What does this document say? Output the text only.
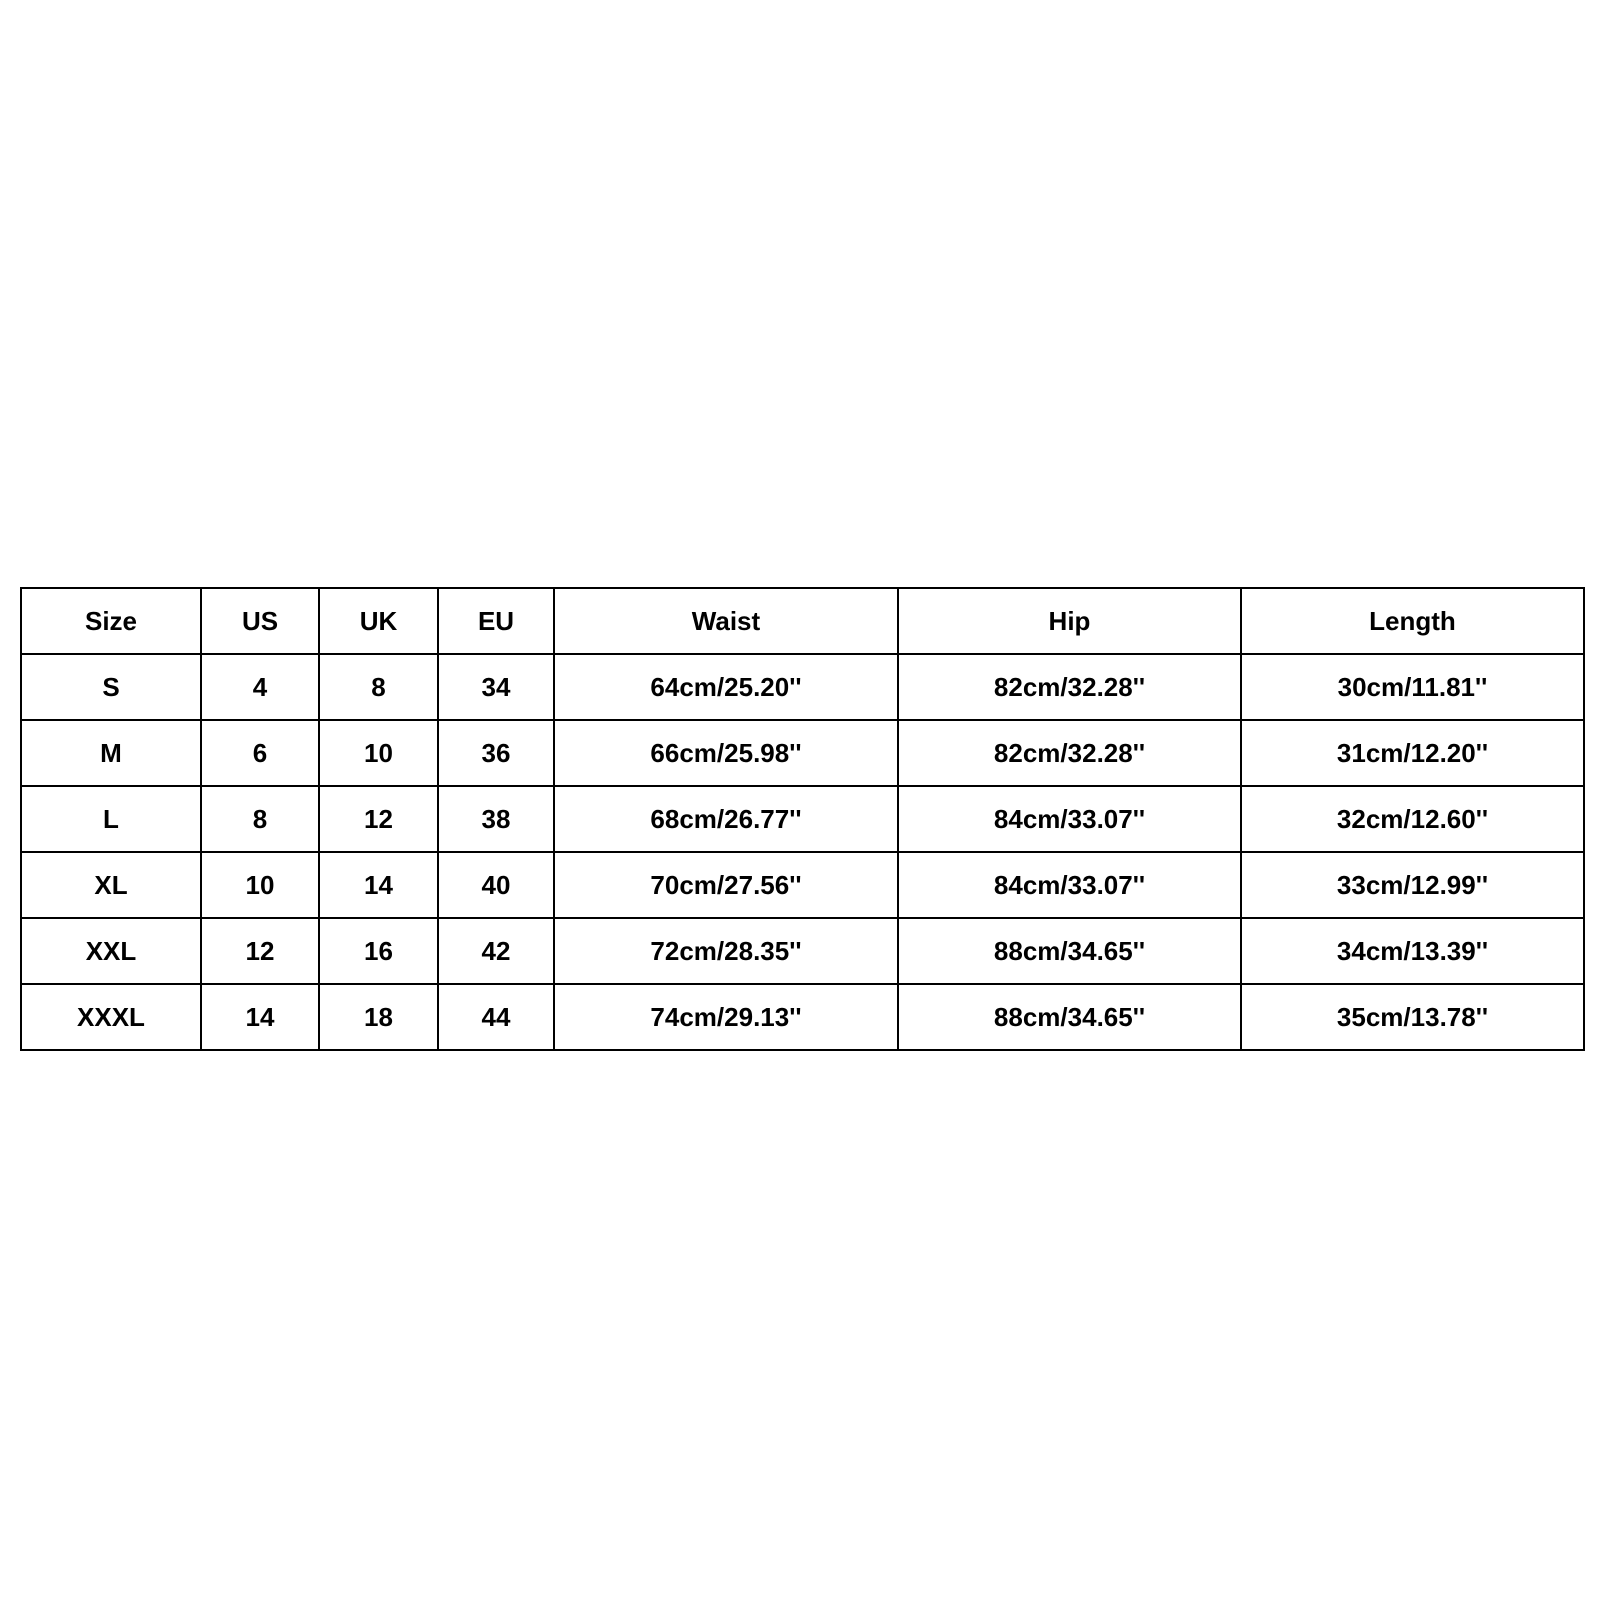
Size	US	UK	EU	Waist	Hip	Length
S	4	8	34	64cm/25.20''	82cm/32.28''	30cm/11.81''
M	6	10	36	66cm/25.98''	82cm/32.28''	31cm/12.20''
L	8	12	38	68cm/26.77''	84cm/33.07''	32cm/12.60''
XL	10	14	40	70cm/27.56''	84cm/33.07''	33cm/12.99''
XXL	12	16	42	72cm/28.35''	88cm/34.65''	34cm/13.39''
XXXL	14	18	44	74cm/29.13''	88cm/34.65''	35cm/13.78''
